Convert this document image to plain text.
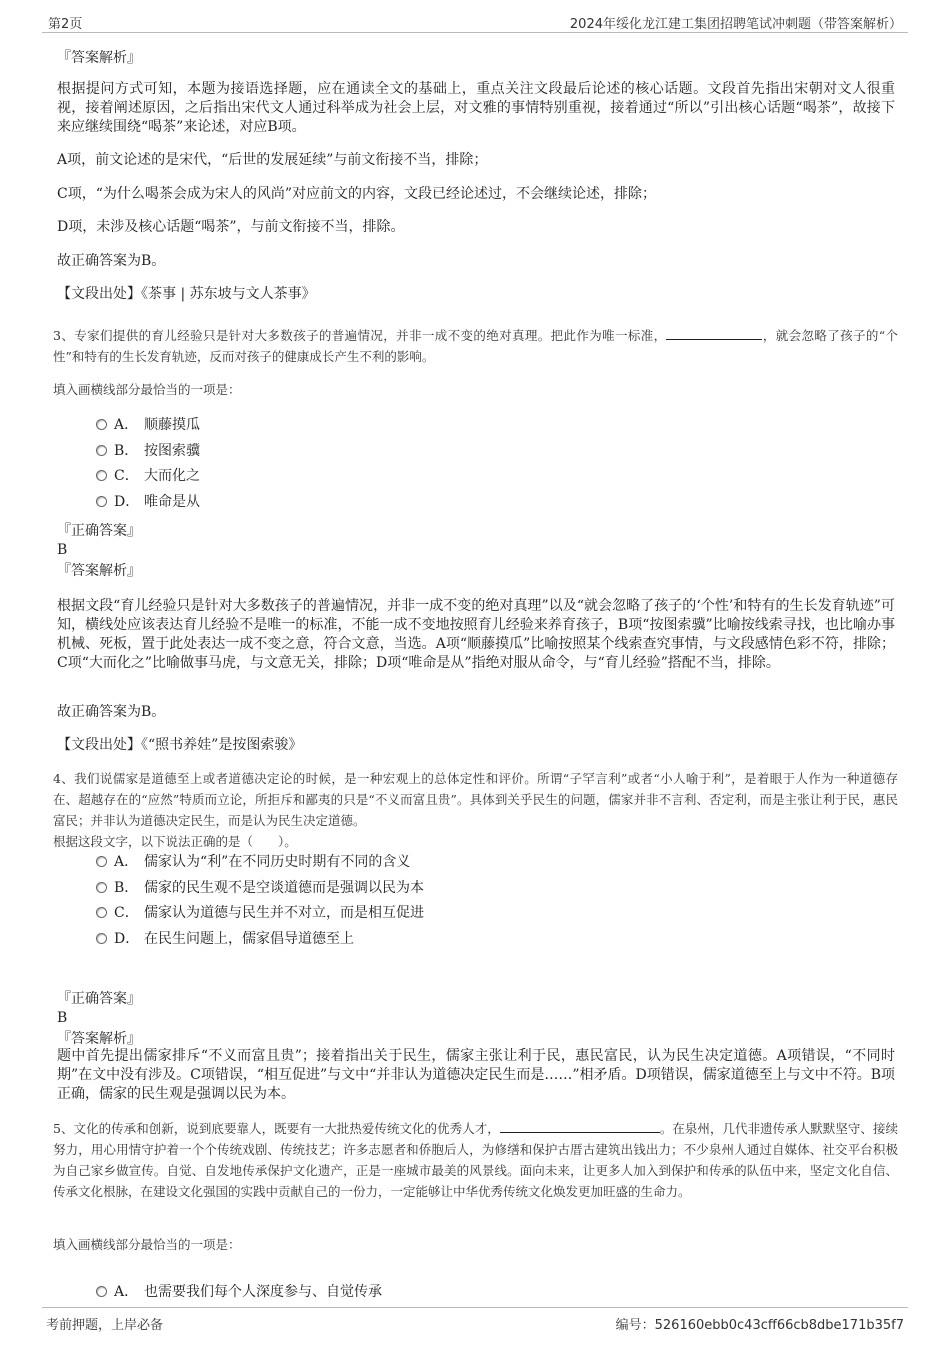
第2页	2024年绥化龙江建工集团招聘笔试冲刺题（带答案解析）
『答案解析』
根据提问方式可知，本题为接语选择题，应在通读全文的基础上，重点关注文段最后论述的核心话题。文段首先指出宋朝对文人很重视，接着阐述原因，之后指出宋代文人通过科举成为社会上层，对文雅的事情特别重视，接着通过“所以”引出核心话题“喝茶”，故接下来应继续围绕“喝茶”来论述，对应B项。
A项，前文论述的是宋代，“后世的发展延续”与前文衔接不当，排除；
C项，“为什么喝茶会成为宋人的风尚”对应前文的内容，文段已经论述过，不会继续论述，排除；
D项，未涉及核心话题“喝茶”，与前文衔接不当，排除。
故正确答案为B。
【文段出处】《茶事 | 苏东坡与文人茶事》
3、专家们提供的育儿经验只是针对大多数孩子的普遍情况，并非一成不变的绝对真理。把此作为唯一标准，	，就会忽略了孩子的“个性”和特有的生长发育轨迹，反而对孩子的健康成长产生不利的影响。
填入画横线部分最恰当的一项是：
A． 顺藤摸瓜
B． 按图索骥
C． 大而化之
D． 唯命是从
『正确答案』
B
『答案解析』
根据文段“育儿经验只是针对大多数孩子的普遍情况，并非一成不变的绝对真理”以及“就会忽略了孩子的‘个性’和特有的生长发育轨迹”可知，横线处应该表达育儿经验不是唯一的标准，不能一成不变地按照育儿经验来养育孩子，B项“按图索骥”比喻按线索寻找，也比喻办事机械、死板，置于此处表达一成不变之意，符合文意，当选。A项“顺藤摸瓜”比喻按照某个线索查究事情，与文段感情色彩不符，排除；C项“大而化之”比喻做事马虎，与文意无关，排除；D项“唯命是从”指绝对服从命令，与“育儿经验”搭配不当，排除。
故正确答案为B。
【文段出处】《“照书养娃”是按图索骏》
4、我们说儒家是道德至上或者道德决定论的时候，是一种宏观上的总体定性和评价。所谓“子罕言利”或者“小人喻于利”，是着眼于人作为一种道德存在、超越存在的“应然”特质而立论，所拒斥和鄙夷的只是“不义而富且贵”。具体到关乎民生的问题，儒家并非不言利、否定利，而是主张让利于民，惠民富民；并非认为道德决定民生，而是认为民生决定道德。
根据这段文字，以下说法正确的是（　　）。
A． 儒家认为“利”在不同历史时期有不同的含义
B． 儒家的民生观不是空谈道德而是强调以民为本
C． 儒家认为道德与民生并不对立，而是相互促进
D． 在民生问题上，儒家倡导道德至上
『正确答案』
B
『答案解析』
题中首先提出儒家排斥“不义而富且贵”；接着指出关于民生，儒家主张让利于民，惠民富民，认为民生决定道德。A项错误，“不同时期”在文中没有涉及。C项错误，“相互促进”与文中“并非认为道德决定民生而是……”相矛盾。D项错误，儒家道德至上与文中不符。B项正确，儒家的民生观是强调以民为本。
5、文化的传承和创新，说到底要靠人，既要有一大批热爱传统文化的优秀人才，	。在泉州，几代非遗传承人默默坚守、接续努力，用心用情守护着一个个传统戏剧、传统技艺；许多志愿者和侨胞后人，为修缮和保护古厝古建筑出钱出力；不少泉州人通过自媒体、社交平台积极为自己家乡做宣传。自觉、自发地传承保护文化遗产，正是一座城市最美的风景线。面向未来，让更多人加入到保护和传承的队伍中来，坚定文化自信、传承文化根脉，在建设文化强国的实践中贡献自己的一份力，一定能够让中华优秀传统文化焕发更加旺盛的生命力。
填入画横线部分最恰当的一项是：
A． 也需要我们每个人深度参与、自觉传承
考前押题，上岸必备	编号：526160ebb0c43cff66cb8dbe171b35f7
